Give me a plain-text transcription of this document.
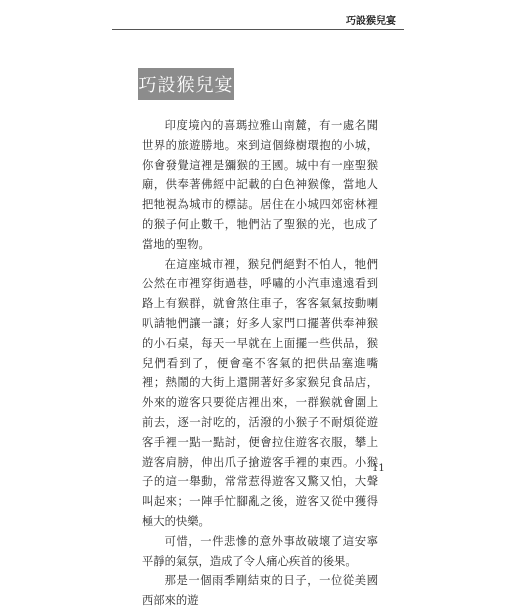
巧設猴兒宴
巧設猴兒宴

印度境內的喜瑪拉雅山南麓，有一處名聞世界的旅遊勝地。來到這個綠樹環抱的小城，你會發覺這裡是獼猴的王國。城中有一座聖猴廟，供奉著佛經中記載的白色神猴像，當地人把牠視為城市的標誌。居住在小城四郊密林裡的猴子何止數千，牠們沾了聖猴的光，也成了當地的聖物。

在這座城市裡，猴兒們絕對不怕人，牠們公然在市裡穿街過巷，呼嘯的小汽車遠遠看到路上有猴群，就會煞住車子，客客氣氣按動喇叭請牠們讓一讓；好多人家門口擺著供奉神猴的小石桌，每天一早就在上面擺一些供品，猴兒們看到了，便會毫不客氣的把供品塞進嘴裡；熱鬧的大街上還開著好多家猴兒食品店，外來的遊客只要從店裡出來，一群猴就會圍上前去，逐一討吃的，活潑的小猴子不耐煩從遊客手裡一點一點討，便會拉住遊客衣服，攀上遊客肩膀，伸出爪子搶遊客手裡的東西。小猴子的這一舉動，常常惹得遊客又驚又怕，大聲叫起來；一陣手忙腳亂之後，遊客又從中獲得極大的快樂。

可惜，一件悲慘的意外事故破壞了這安寧平靜的氣氛，造成了令人痛心疾首的後果。

那是一個雨季剛結束的日子，一位從美國西部來的遊

11
